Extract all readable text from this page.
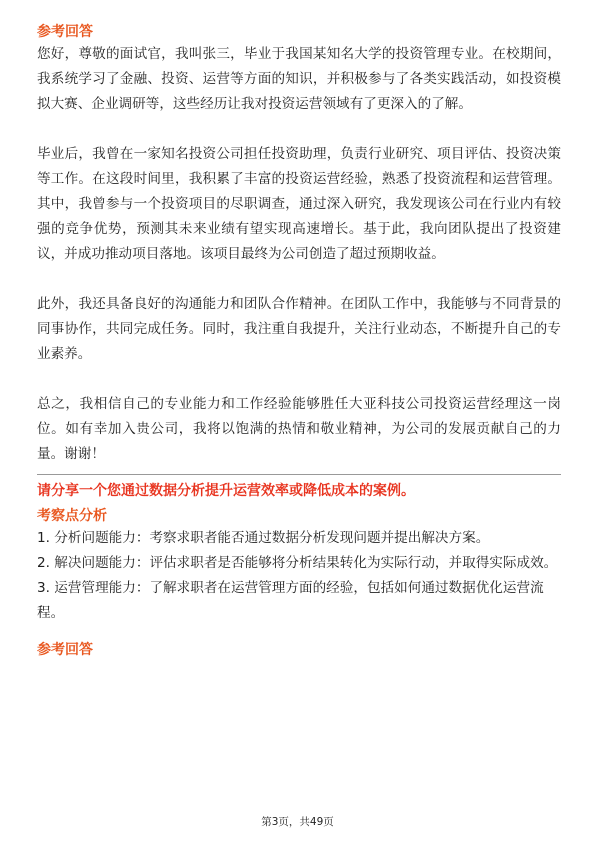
参考回答

您好，尊敬的面试官，我叫张三，毕业于我国某知名大学的投资管理专业。在校期间，我系统学习了金融、投资、运营等方面的知识，并积极参与了各类实践活动，如投资模拟大赛、企业调研等，这些经历让我对投资运营领域有了更深入的了解。

毕业后，我曾在一家知名投资公司担任投资助理，负责行业研究、项目评估、投资决策等工作。在这段时间里，我积累了丰富的投资运营经验，熟悉了投资流程和运营管理。其中，我曾参与一个投资项目的尽职调查，通过深入研究，我发现该公司在行业内有较强的竞争优势，预测其未来业绩有望实现高速增长。基于此，我向团队提出了投资建议，并成功推动项目落地。该项目最终为公司创造了超过预期收益。

此外，我还具备良好的沟通能力和团队合作精神。在团队工作中，我能够与不同背景的同事协作，共同完成任务。同时，我注重自我提升，关注行业动态，不断提升自己的专业素养。

总之，我相信自己的专业能力和工作经验能够胜任大亚科技公司投资运营经理这一岗位。如有幸加入贵公司，我将以饱满的热情和敬业精神，为公司的发展贡献自己的力量。谢谢！

请分享一个您通过数据分析提升运营效率或降低成本的案例。
考察点分析

1. 分析问题能力：考察求职者能否通过数据分析发现问题并提出解决方案。

2. 解决问题能力：评估求职者是否能够将分析结果转化为实际行动，并取得实际成效。

3. 运营管理能力：了解求职者在运营管理方面的经验，包括如何通过数据优化运营流程。

参考回答
第3页，共49页
